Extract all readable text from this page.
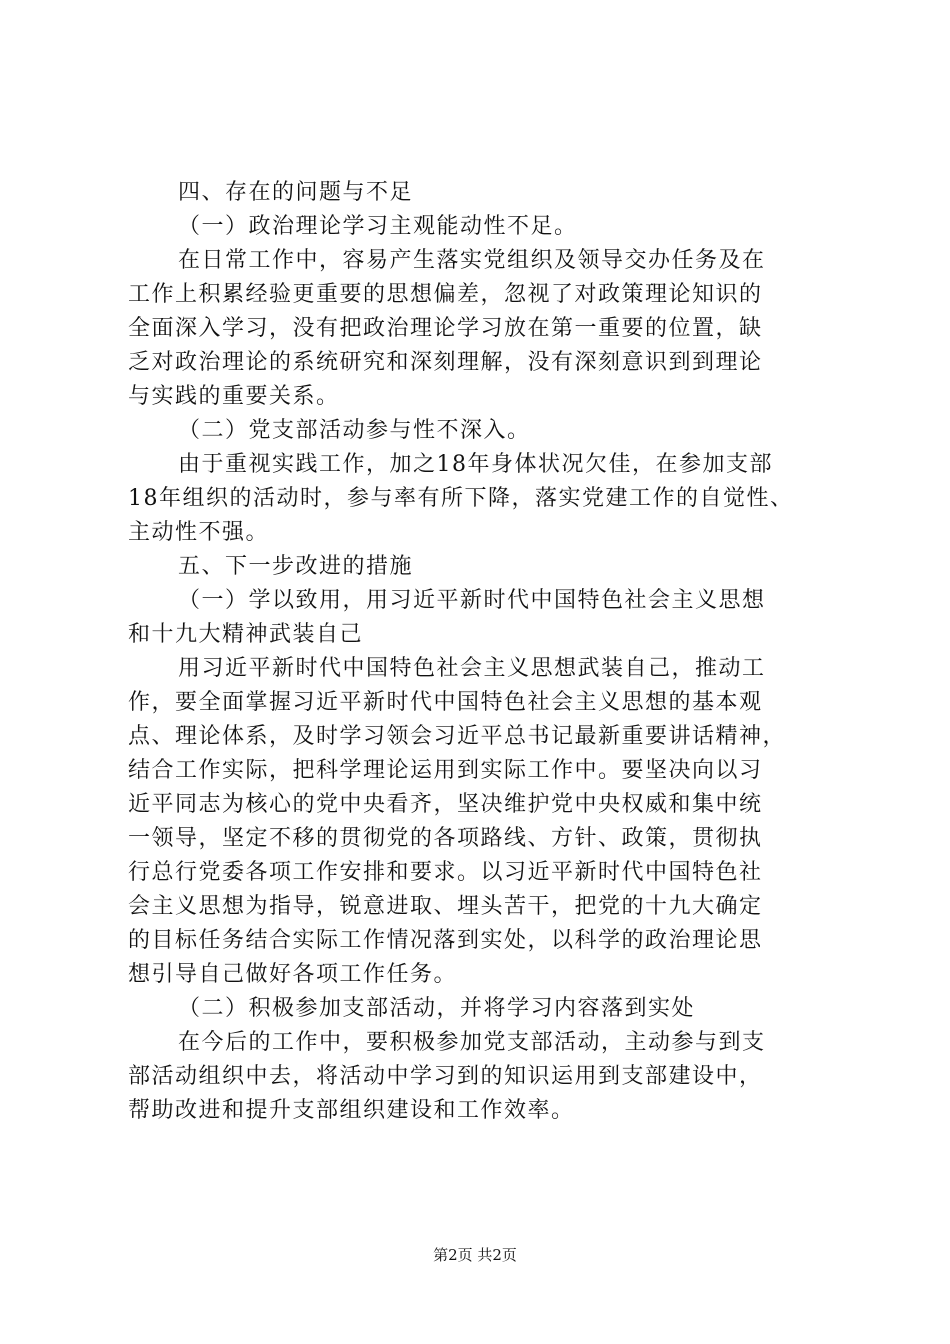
四、存在的问题与不足
（一）政治理论学习主观能动性不足。
在日常工作中，容易产生落实党组织及领导交办任务及在
工作上积累经验更重要的思想偏差，忽视了对政策理论知识的
全面深入学习，没有把政治理论学习放在第一重要的位置，缺
乏对政治理论的系统研究和深刻理解，没有深刻意识到到理论
与实践的重要关系。
（二）党支部活动参与性不深入。
由于重视实践工作，加之18年身体状况欠佳，在参加支部
18年组织的活动时，参与率有所下降，落实党建工作的自觉性、
主动性不强。
五、下一步改进的措施
（一）学以致用，用习近平新时代中国特色社会主义思想
和十九大精神武装自己
用习近平新时代中国特色社会主义思想武装自己，推动工
作，要全面掌握习近平新时代中国特色社会主义思想的基本观
点、理论体系，及时学习领会习近平总书记最新重要讲话精神，
结合工作实际，把科学理论运用到实际工作中。要坚决向以习
近平同志为核心的党中央看齐，坚决维护党中央权威和集中统
一领导，坚定不移的贯彻党的各项路线、方针、政策，贯彻执
行总行党委各项工作安排和要求。以习近平新时代中国特色社
会主义思想为指导，锐意进取、埋头苦干，把党的十九大确定
的目标任务结合实际工作情况落到实处，以科学的政治理论思
想引导自己做好各项工作任务。
（二）积极参加支部活动，并将学习内容落到实处
在今后的工作中，要积极参加党支部活动，主动参与到支
部活动组织中去，将活动中学习到的知识运用到支部建设中，
帮助改进和提升支部组织建设和工作效率。
第2页 共2页
